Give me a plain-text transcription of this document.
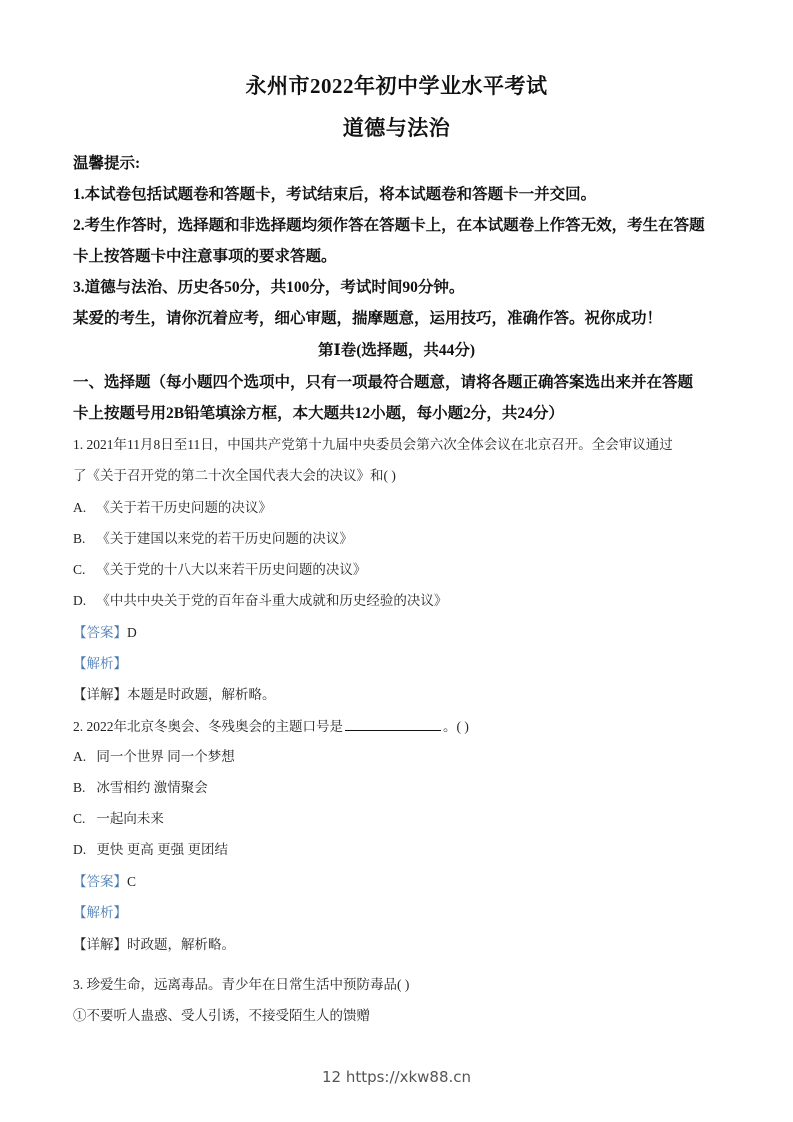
永州市2022年初中学业水平考试
道德与法治
温馨提示:
1.本试卷包括试题卷和答题卡，考试结束后，将本试题卷和答题卡一并交回。
2.考生作答时，选择题和非选择题均须作答在答题卡上，在本试题卷上作答无效，考生在答题
卡上按答题卡中注意事项的要求答题。
3.道德与法治、历史各50分，共100分，考试时间90分钟。
某爱的考生，请你沉着应考，细心审题，揣摩题意，运用技巧，准确作答。祝你成功！
第Ⅰ卷(选择题，共44分)
一、选择题（每小题四个选项中，只有一项最符合题意，请将各题正确答案选出来并在答题
卡上按题号用2B铅笔填涂方框，本大题共12小题，每小题2分，共24分）
1. 2021年11月8日至11日，中国共产党第十九届中央委员会第六次全体会议在北京召开。全会审议通过
了《关于召开党的第二十次全国代表大会的决议》和( )
A. 《关于若干历史问题的决议》
B. 《关于建国以来党的若干历史问题的决议》
C. 《关于党的十八大以来若干历史问题的决议》
D. 《中共中央关于党的百年奋斗重大成就和历史经验的决议》
【答案】D
【解析】
【详解】本题是时政题，解析略。
2. 2022年北京冬奥会、冬残奥会的主题口号是	。( )
A. 同一个世界 同一个梦想
B. 冰雪相约 激情聚会
C. 一起向未来
D. 更快 更高 更强 更团结
【答案】C
【解析】
【详解】时政题，解析略。
3. 珍爱生命，远离毒品。青少年在日常生活中预防毒品( )
①不要听人蛊惑、受人引诱，不接受陌生人的馈赠
12 https://xkw88.cn
